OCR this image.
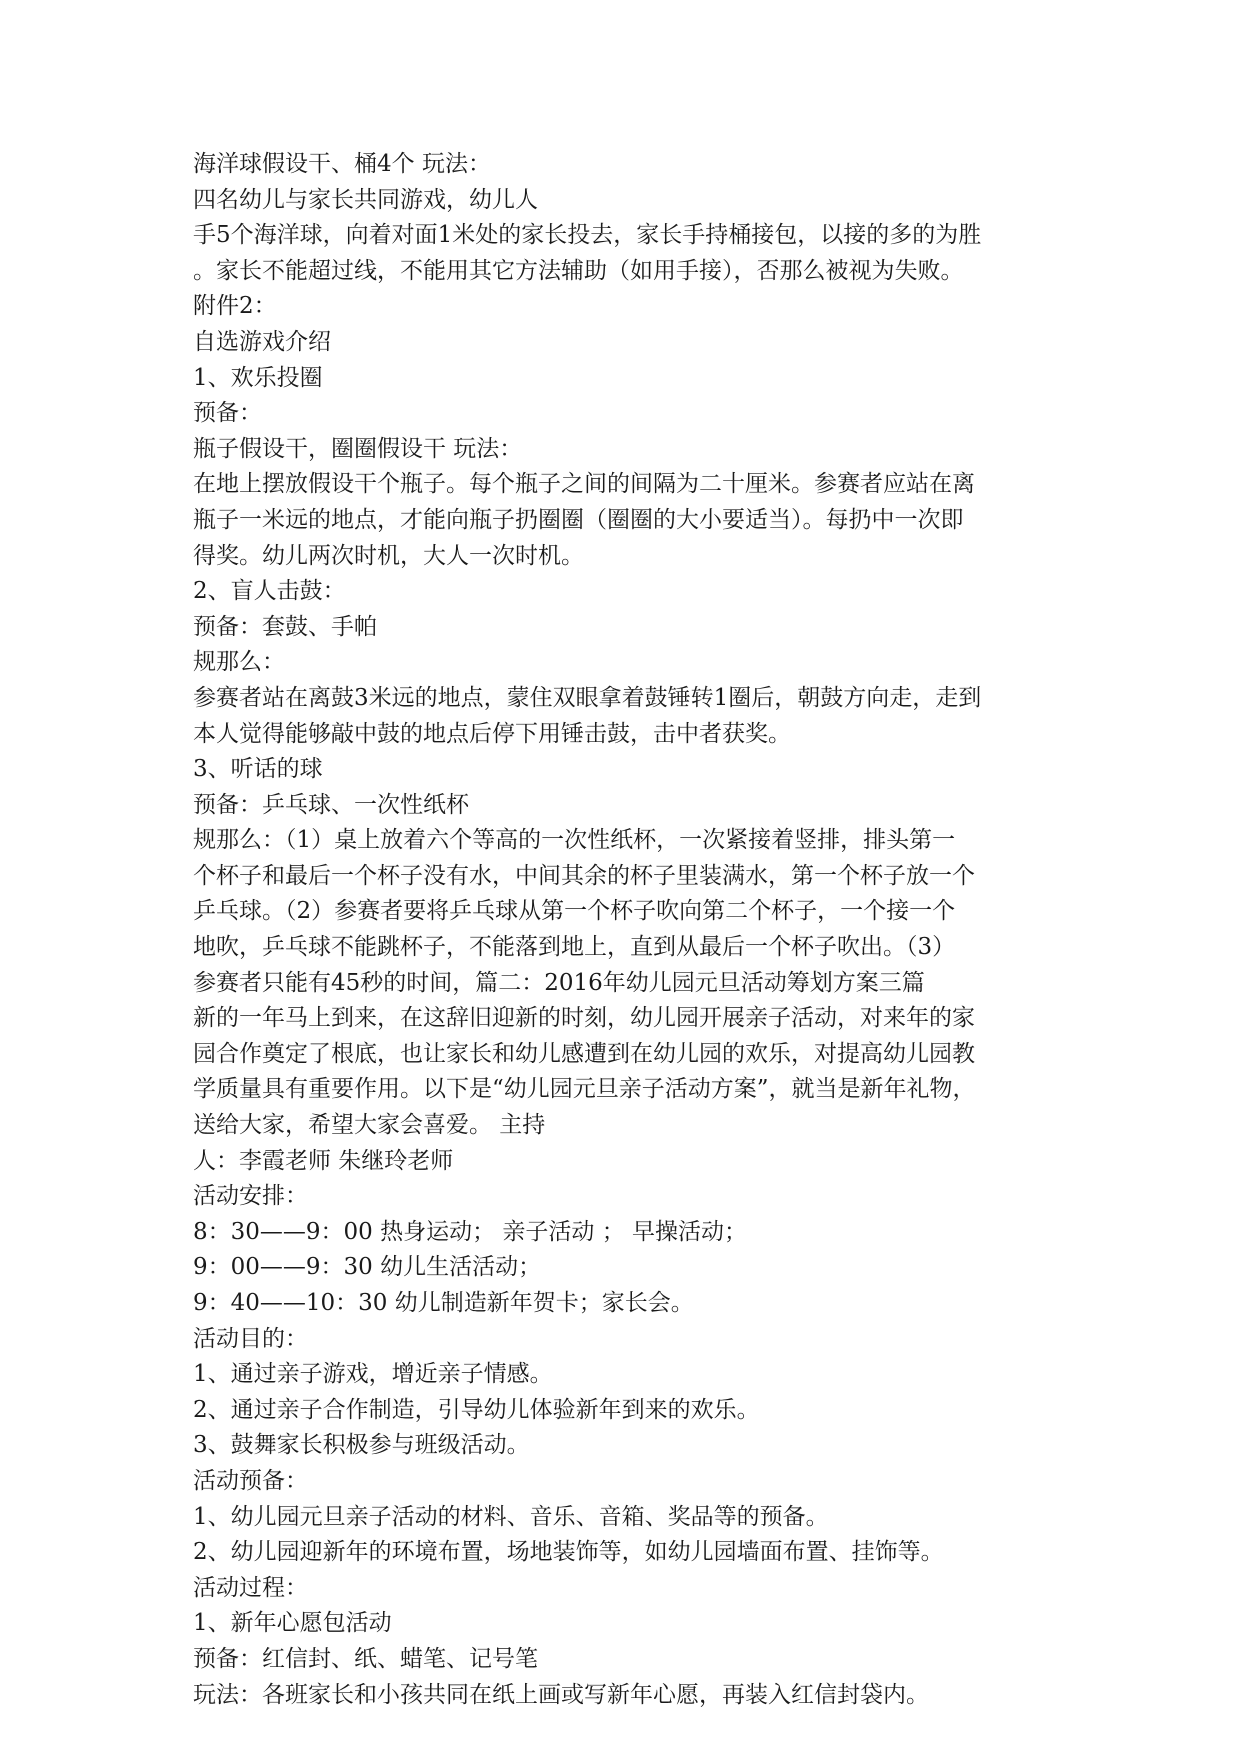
海洋球假设干、桶4个 玩法：
四名幼儿与家长共同游戏，幼儿人
手5个海洋球，向着对面1米处的家长投去，家长手持桶接包，以接的多的为胜
。家长不能超过线，不能用其它方法辅助（如用手接），否那么被视为失败。
附件2：
自选游戏介绍
1、欢乐投圈
预备：
瓶子假设干，圈圈假设干 玩法：
在地上摆放假设干个瓶子。每个瓶子之间的间隔为二十厘米。参赛者应站在离
瓶子一米远的地点，才能向瓶子扔圈圈（圈圈的大小要适当）。每扔中一次即
得奖。幼儿两次时机，大人一次时机。
2、盲人击鼓：
预备：套鼓、手帕
规那么：
参赛者站在离鼓3米远的地点，蒙住双眼拿着鼓锤转1圈后，朝鼓方向走，走到
本人觉得能够敲中鼓的地点后停下用锤击鼓，击中者获奖。
3、听话的球
预备：乒乓球、一次性纸杯
规那么：（1）桌上放着六个等高的一次性纸杯，一次紧接着竖排，排头第一
个杯子和最后一个杯子没有水，中间其余的杯子里装满水，第一个杯子放一个
乒乓球。（2）参赛者要将乒乓球从第一个杯子吹向第二个杯子，一个接一个
地吹，乒乓球不能跳杯子，不能落到地上，直到从最后一个杯子吹出。（3）
参赛者只能有45秒的时间，篇二：2016年幼儿园元旦活动筹划方案三篇
新的一年马上到来，在这辞旧迎新的时刻，幼儿园开展亲子活动，对来年的家
园合作奠定了根底，也让家长和幼儿感遭到在幼儿园的欢乐，对提高幼儿园教
学质量具有重要作用。以下是“幼儿园元旦亲子活动方案”，就当是新年礼物，
送给大家，希望大家会喜爱。 主持
人：李霞老师 朱继玲老师
活动安排：
8：30——9：00 热身运动； 亲子活动 ； 早操活动；
9：00——9：30 幼儿生活活动；
9：40——10：30 幼儿制造新年贺卡；家长会。
活动目的：
1、通过亲子游戏，增近亲子情感。
2、通过亲子合作制造，引导幼儿体验新年到来的欢乐。
3、鼓舞家长积极参与班级活动。
活动预备：
1、幼儿园元旦亲子活动的材料、音乐、音箱、奖品等的预备。
2、幼儿园迎新年的环境布置，场地装饰等，如幼儿园墙面布置、挂饰等。
活动过程：
1、新年心愿包活动
预备：红信封、纸、蜡笔、记号笔
玩法：各班家长和小孩共同在纸上画或写新年心愿，再装入红信封袋内。
